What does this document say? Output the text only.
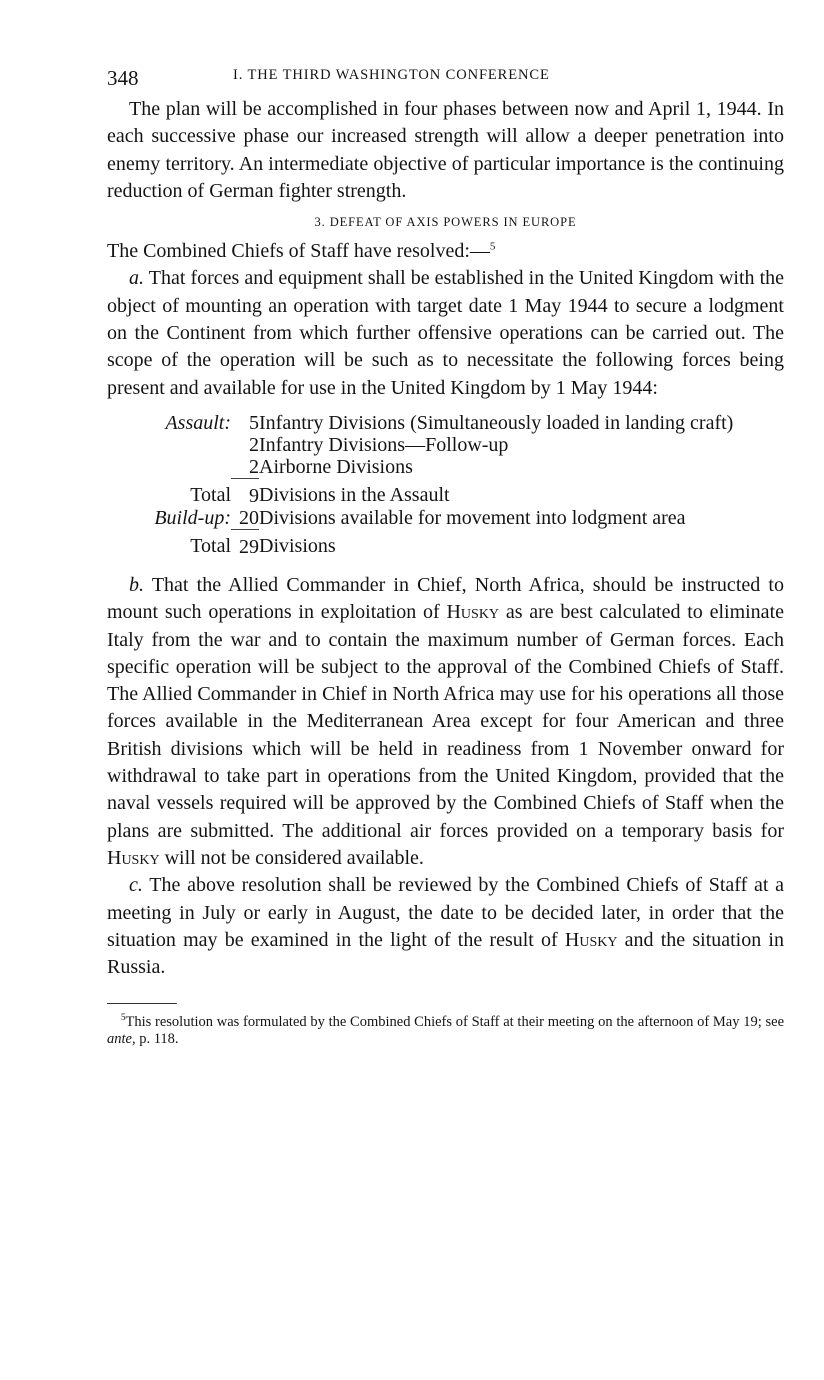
348	I. THE THIRD WASHINGTON CONFERENCE

The plan will be accomplished in four phases between now and April 1, 1944. In each successive phase our increased strength will allow a deeper penetration into enemy territory. An intermediate objective of particular importance is the continuing reduction of German fighter strength.

3. DEFEAT OF AXIS POWERS IN EUROPE

The Combined Chiefs of Staff have resolved:—$^5$

a. That forces and equipment shall be established in the United Kingdom with the object of mounting an operation with target date 1 May 1944 to secure a lodgment on the Continent from which further offensive operations can be carried out. The scope of the operation will be such as to necessitate the following forces being present and available for use in the United Kingdom by 1 May 1944:

Assault:	5	Infantry Divisions (Simultaneously loaded in landing craft)
	2	Infantry Divisions—Follow-up
	2	Airborne Divisions
Total	9	Divisions in the Assault
Build-up:	20	Divisions available for movement into lodgment area
Total	29	Divisions

b. That the Allied Commander in Chief, North Africa, should be instructed to mount such operations in exploitation of Husky as are best calculated to eliminate Italy from the war and to contain the maximum number of German forces. Each specific operation will be subject to the approval of the Combined Chiefs of Staff. The Allied Commander in Chief in North Africa may use for his operations all those forces available in the Mediterranean Area except for four American and three British divisions which will be held in readiness from 1 November onward for withdrawal to take part in operations from the United Kingdom, provided that the naval vessels required will be approved by the Combined Chiefs of Staff when the plans are submitted. The additional air forces provided on a temporary basis for Husky will not be considered available.

c. The above resolution shall be reviewed by the Combined Chiefs of Staff at a meeting in July or early in August, the date to be decided later, in order that the situation may be examined in the light of the result of Husky and the situation in Russia.

$^5$This resolution was formulated by the Combined Chiefs of Staff at their meeting on the afternoon of May 19; see ante, p. 118.
